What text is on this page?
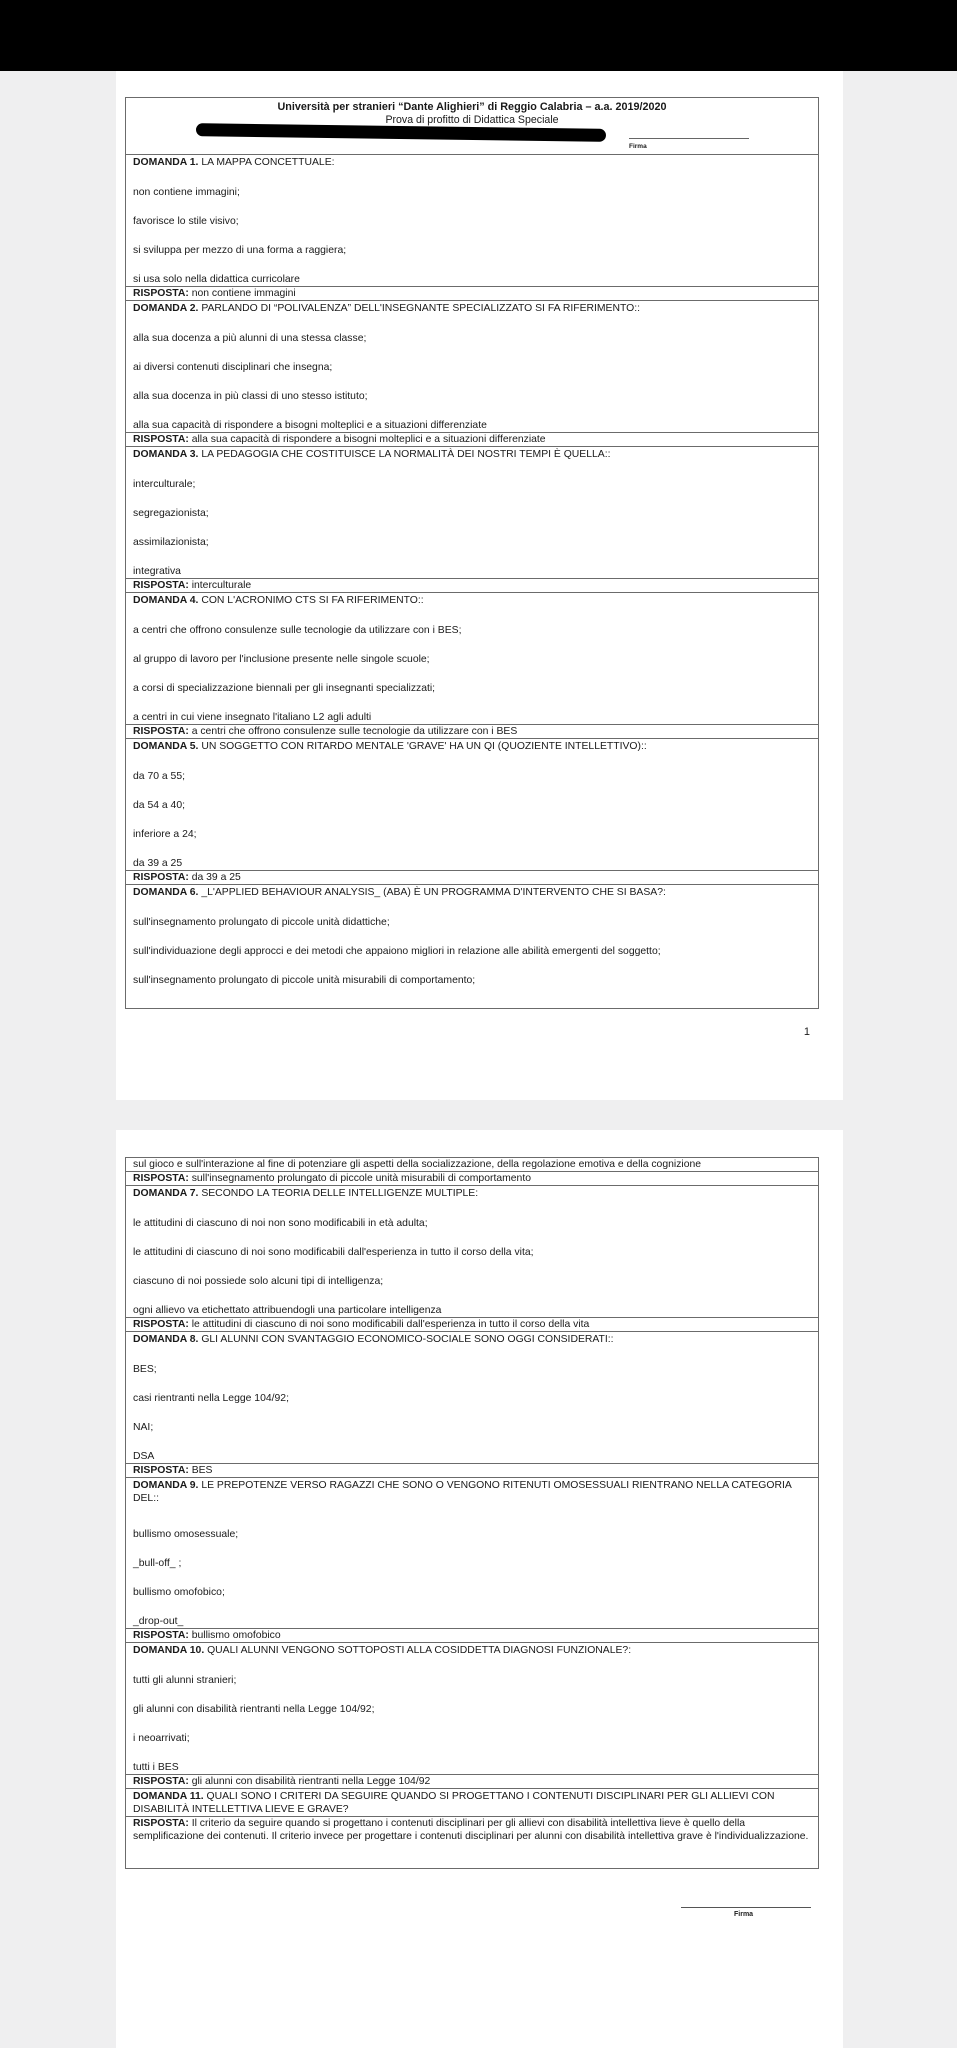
Università per stranieri “Dante Alighieri” di Reggio Calabria – a.a. 2019/2020
Prova di profitto di Didattica Speciale
Firma
DOMANDA 1. LA MAPPA CONCETTUALE:
non contiene immagini;
favorisce lo stile visivo;
si sviluppa per mezzo di una forma a raggiera;
si usa solo nella didattica curricolare
RISPOSTA: non contiene immagini
DOMANDA 2. PARLANDO DI “POLIVALENZA” DELL'INSEGNANTE SPECIALIZZATO SI FA RIFERIMENTO::
alla sua docenza a più alunni di una stessa classe;
ai diversi contenuti disciplinari che insegna;
alla sua docenza in più classi di uno stesso istituto;
alla sua capacità di rispondere a bisogni molteplici e a situazioni differenziate
RISPOSTA: alla sua capacità di rispondere a bisogni molteplici e a situazioni differenziate
DOMANDA 3. LA PEDAGOGIA CHE COSTITUISCE LA NORMALITÀ DEI NOSTRI TEMPI È QUELLA::
interculturale;
segregazionista;
assimilazionista;
integrativa
RISPOSTA: interculturale
DOMANDA 4. CON L'ACRONIMO CTS SI FA RIFERIMENTO::
a centri che offrono consulenze sulle tecnologie da utilizzare con i BES;
al gruppo di lavoro per l'inclusione presente nelle singole scuole;
a corsi di specializzazione biennali per gli insegnanti specializzati;
a centri in cui viene insegnato l'italiano L2 agli adulti
RISPOSTA: a centri che offrono consulenze sulle tecnologie da utilizzare con i BES
DOMANDA 5. UN SOGGETTO CON RITARDO MENTALE 'GRAVE' HA UN QI (QUOZIENTE INTELLETTIVO)::
da 70 a 55;
da 54 a 40;
inferiore a 24;
da 39 a 25
RISPOSTA: da 39 a 25
DOMANDA 6. _L'APPLIED BEHAVIOUR ANALYSIS_ (ABA) È UN PROGRAMMA D'INTERVENTO CHE SI BASA?:
sull'insegnamento prolungato di piccole unità didattiche;
sull'individuazione degli approcci e dei metodi che appaiono migliori in relazione alle abilità emergenti del soggetto;
sull'insegnamento prolungato di piccole unità misurabili di comportamento;
1
sul gioco e sull'interazione al fine di potenziare gli aspetti della socializzazione, della regolazione emotiva e della cognizione
RISPOSTA: sull'insegnamento prolungato di piccole unità misurabili di comportamento
DOMANDA 7. SECONDO LA TEORIA DELLE INTELLIGENZE MULTIPLE:
le attitudini di ciascuno di noi non sono modificabili in età adulta;
le attitudini di ciascuno di noi sono modificabili dall'esperienza in tutto il corso della vita;
ciascuno di noi possiede solo alcuni tipi di intelligenza;
ogni allievo va etichettato attribuendogli una particolare intelligenza
RISPOSTA: le attitudini di ciascuno di noi sono modificabili dall'esperienza in tutto il corso della vita
DOMANDA 8. GLI ALUNNI CON SVANTAGGIO ECONOMICO-SOCIALE SONO OGGI CONSIDERATI::
BES;
casi rientranti nella Legge 104/92;
NAI;
DSA
RISPOSTA: BES
DOMANDA 9. LE PREPOTENZE VERSO RAGAZZI CHE SONO O VENGONO RITENUTI OMOSESSUALI RIENTRANO NELLA CATEGORIA DEL::
bullismo omosessuale;
_bull-off_ ;
bullismo omofobico;
_drop-out_
RISPOSTA: bullismo omofobico
DOMANDA 10. QUALI ALUNNI VENGONO SOTTOPOSTI ALLA COSIDDETTA DIAGNOSI FUNZIONALE?:
tutti gli alunni stranieri;
gli alunni con disabilità rientranti nella Legge 104/92;
i neoarrivati;
tutti i BES
RISPOSTA: gli alunni con disabilità rientranti nella Legge 104/92
DOMANDA 11. QUALI SONO I CRITERI DA SEGUIRE QUANDO SI PROGETTANO I CONTENUTI DISCIPLINARI PER GLI ALLIEVI CON DISABILITÀ INTELLETTIVA LIEVE E GRAVE?
RISPOSTA: Il criterio da seguire quando si progettano i contenuti disciplinari per gli allievi con disabilità intellettiva lieve è quello della semplificazione dei contenuti. Il criterio invece per progettare i contenuti disciplinari per alunni con disabilità intellettiva grave è l'individualizzazione.
Firma
